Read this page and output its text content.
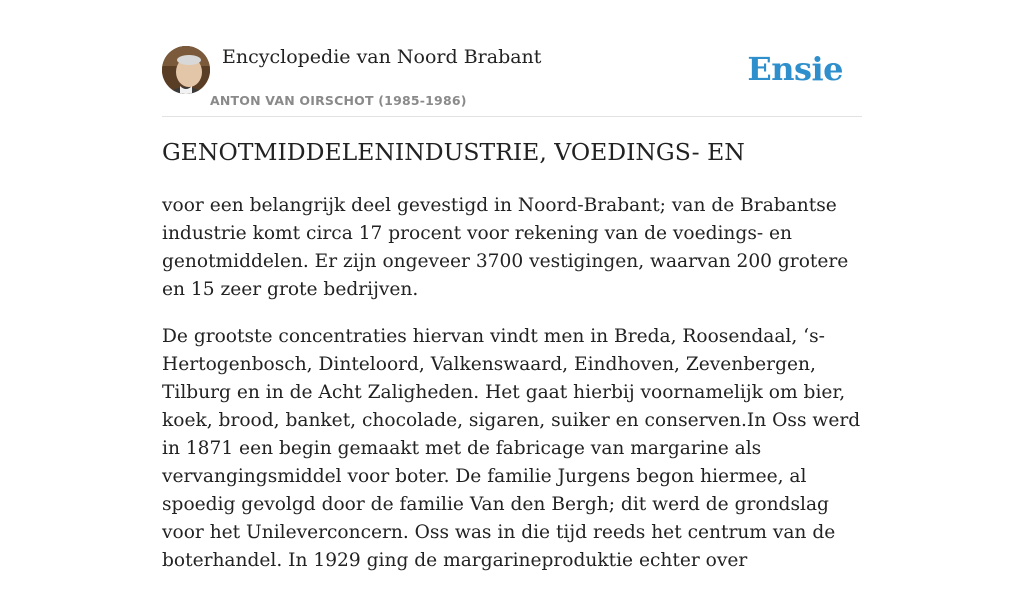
Encyclopedie van Noord Brabant
ANTON VAN OIRSCHOT (1985-1986)
Ensie
GENOTMIDDELENINDUSTRIE, VOEDINGS- EN

voor een belangrijk deel gevestigd in Noord-Brabant; van de Brabantse industrie komt circa 17 procent voor rekening van de voedings- en genotmiddelen. Er zijn ongeveer 3700 vestigingen, waarvan 200 grotere en 15 zeer grote bedrijven.

De grootste concentraties hiervan vindt men in Breda, Roosendaal, ‘s-Hertogenbosch, Dinteloord, Valkenswaard, Eindhoven, Zevenbergen, Tilburg en in de Acht Zaligheden. Het gaat hierbij voornamelijk om bier, koek, brood, banket, chocolade, sigaren, suiker en conserven.In Oss werd in 1871 een begin gemaakt met de fabricage van margarine als vervangingsmiddel voor boter. De familie Jurgens begon hiermee, al spoedig gevolgd door de familie Van den Bergh; dit werd de grondslag voor het Unileverconcern. Oss was in die tijd reeds het centrum van de boterhandel. In 1929 ging de margarineproduktie echter over
